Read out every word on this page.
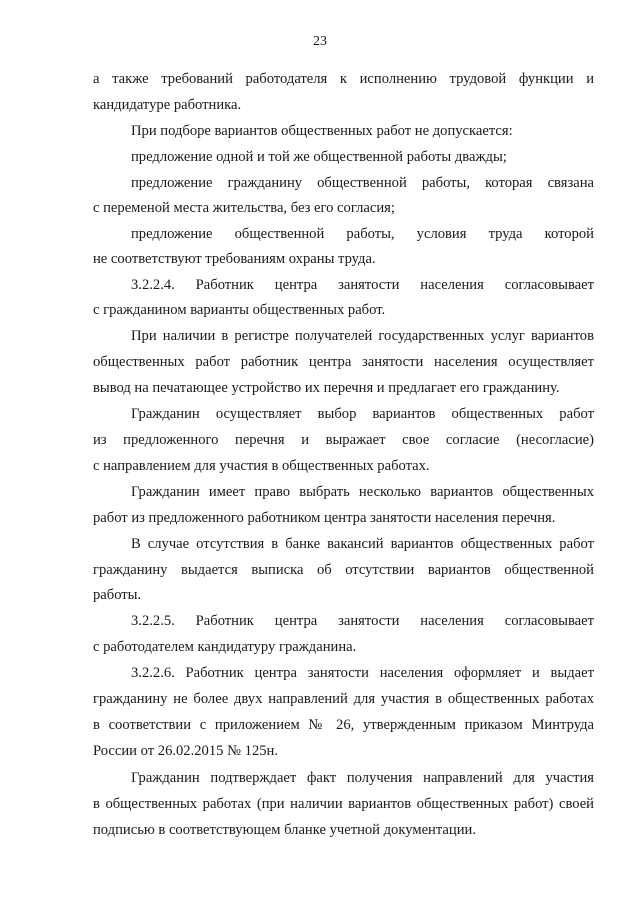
23

а также требований работодателя к исполнению трудовой функции и

кандидатуре работника.

При подборе вариантов общественных работ не допускается:

предложение одной и той же общественной работы дважды;

предложение гражданину общественной работы, которая связана

с переменой места жительства, без его согласия;

предложение общественной работы, условия труда которой

не соответствуют требованиям охраны труда.

3.2.2.4. Работник центра занятости населения согласовывает

с гражданином варианты общественных работ.

При наличии в регистре получателей государственных услуг вариантов

общественных работ работник центра занятости населения осуществляет

вывод на печатающее устройство их перечня и предлагает его гражданину.

Гражданин осуществляет выбор вариантов общественных работ

из предложенного перечня и выражает свое согласие (несогласие)

с направлением для участия в общественных работах.

Гражданин имеет право выбрать несколько вариантов общественных

работ из предложенного работником центра занятости населения перечня.

В случае отсутствия в банке вакансий вариантов общественных работ

гражданину выдается выписка об отсутствии вариантов общественной

работы.

3.2.2.5. Работник центра занятости населения согласовывает

с работодателем кандидатуру гражданина.

3.2.2.6. Работник центра занятости населения оформляет и выдает

гражданину не более двух направлений для участия в общественных работах

в соответствии с приложением № 26, утвержденным приказом Минтруда

России от 26.02.2015 № 125н.

Гражданин подтверждает факт получения направлений для участия

в общественных работах (при наличии вариантов общественных работ) своей

подписью в соответствующем бланке учетной документации.
